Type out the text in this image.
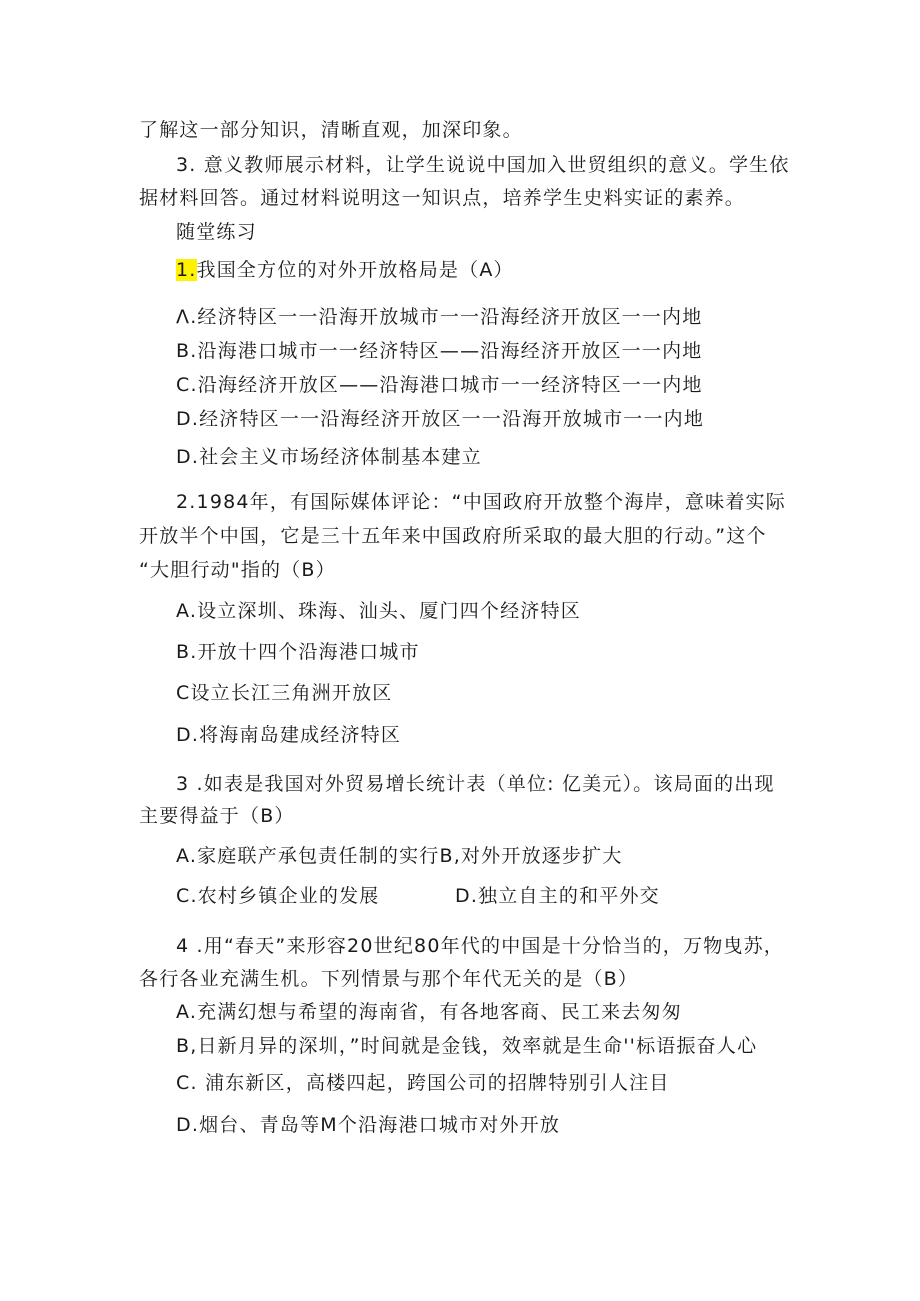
了解这一部分知识，清晰直观，加深印象。
3. 意义教师展示材料，让学生说说中国加入世贸组织的意义。学生依
据材料回答。通过材料说明这一知识点，培养学生史料实证的素养。
随堂练习
1.我国全方位的对外开放格局是（A）
Λ.经济特区一一沿海开放城市一一沿海经济开放区一一内地
B.沿海港口城市一一经济特区——沿海经济开放区一一内地
C.沿海经济开放区——沿海港口城市一一经济特区一一内地
D.经济特区一一沿海经济开放区一一沿海开放城市一一内地
D.社会主义市场经济体制基本建立
2.1984年，有国际媒体评论：“中国政府开放整个海岸，意味着实际
开放半个中国，它是三十五年来中国政府所采取的最大胆的行动。”这个
“大胆行动"指的（B）
A.设立深圳、珠海、汕头、厦门四个经济特区
B.开放十四个沿海港口城市
C设立长江三角洲开放区
D.将海南岛建成经济特区
3 .如表是我国对外贸易增长统计表（单位: 亿美元）。该局面的出现
主要得益于（B）
A.家庭联产承包责任制的实行B,对外开放逐步扩大
C.农村乡镇企业的发展	D.独立自主的和平外交
4 .用“春天”来形容20世纪80年代的中国是十分恰当的，万物曳苏，
各行各业充满生机。下列情景与那个年代无关的是（B）
A.充满幻想与希望的海南省，有各地客商、民工来去匆匆
B,日新月异的深圳，”时间就是金钱，效率就是生命''标语振奋人心
C. 浦东新区，高楼四起，跨国公司的招牌特别引人注目
D.烟台、青岛等M个沿海港口城市对外开放
